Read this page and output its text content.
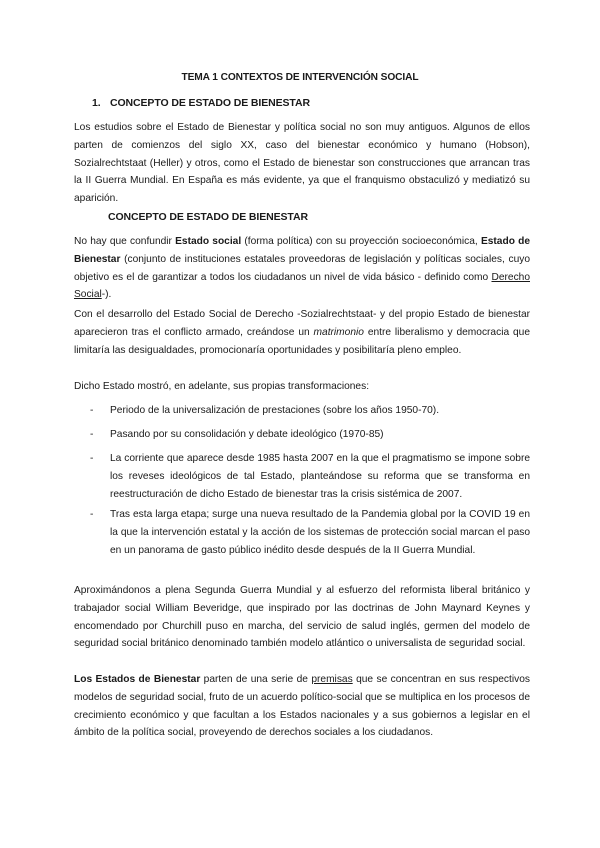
TEMA 1 CONTEXTOS DE INTERVENCIÓN SOCIAL
1. CONCEPTO DE ESTADO DE BIENESTAR

Los estudios sobre el Estado de Bienestar y política social no son muy antiguos. Algunos de ellos parten de comienzos del siglo XX, caso del bienestar económico y humano (Hobson), Sozialrechtstaat (Heller) y otros, como el Estado de bienestar son construcciones que arrancan tras la II Guerra Mundial. En España es más evidente, ya que el franquismo obstaculizó y mediatizó su aparición.

CONCEPTO DE ESTADO DE BIENESTAR

No hay que confundir Estado social (forma política) con su proyección socioeconómica, Estado de Bienestar (conjunto de instituciones estatales proveedoras de legislación y políticas sociales, cuyo objetivo es el de garantizar a todos los ciudadanos un nivel de vida básico - definido como Derecho Social-).

Con el desarrollo del Estado Social de Derecho -Sozialrechtstaat- y del propio Estado de bienestar aparecieron tras el conflicto armado, creándose un matrimonio entre liberalismo y democracia que limitaría las desigualdades, promocionaría oportunidades y posibilitaría pleno empleo.

Dicho Estado mostró, en adelante, sus propias transformaciones:

- Periodo de la universalización de prestaciones (sobre los años 1950-70).

- Pasando por su consolidación y debate ideológico (1970-85)

- La corriente que aparece desde 1985 hasta 2007 en la que el pragmatismo se impone sobre los reveses ideológicos de tal Estado, planteándose su reforma que se transforma en reestructuración de dicho Estado de bienestar tras la crisis sistémica de 2007.

- Tras esta larga etapa; surge una nueva resultado de la Pandemia global por la COVID 19 en la que la intervención estatal y la acción de los sistemas de protección social marcan el paso en un panorama de gasto público inédito desde después de la II Guerra Mundial.

Aproximándonos a plena Segunda Guerra Mundial y al esfuerzo del reformista liberal británico y trabajador social William Beveridge, que inspirado por las doctrinas de John Maynard Keynes y encomendado por Churchill puso en marcha, del servicio de salud inglés, germen del modelo de seguridad social británico denominado también modelo atlántico o universalista de seguridad social.

Los Estados de Bienestar parten de una serie de premisas que se concentran en sus respectivos modelos de seguridad social, fruto de un acuerdo político-social que se multiplica en los procesos de crecimiento económico y que facultan a los Estados nacionales y a sus gobiernos a legislar en el ámbito de la política social, proveyendo de derechos sociales a los ciudadanos.
